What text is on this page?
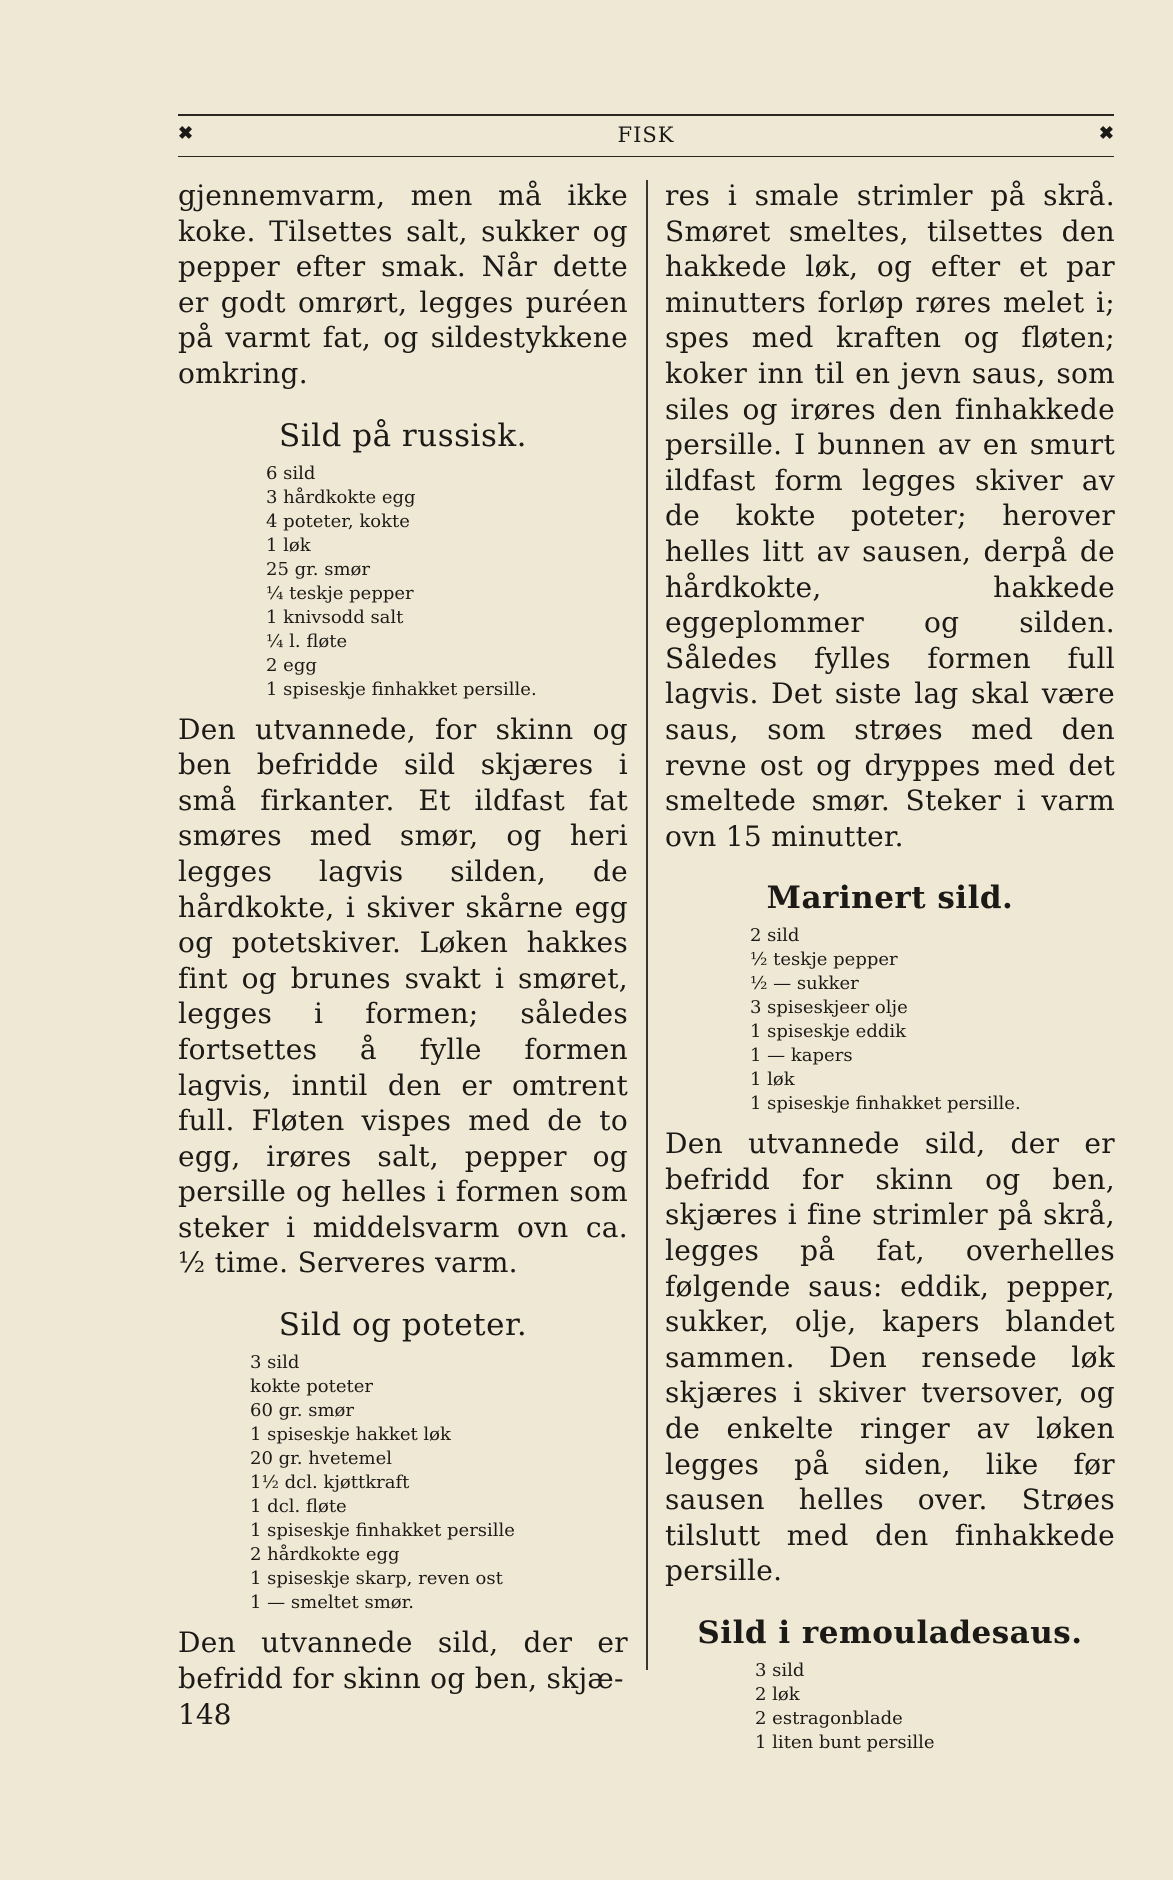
✖	FISK	✖

gjennemvarm, men må ikke koke. Tilsettes salt, sukker og pepper efter smak. Når dette er godt omrørt, legges puréen på varmt fat, og sildestykkene omkring.

Sild på russisk.
6 sild
3 hårdkokte egg
4 poteter, kokte
1 løk
25 gr. smør
¼ teskje pepper
1 knivsodd salt
¼ l. fløte
2 egg
1 spiseskje finhakket persille.

Den utvannede, for skinn og ben befridde sild skjæres i små firkanter. Et ildfast fat smøres med smør, og heri legges lagvis silden, de hårdkokte, i skiver skårne egg og potetskiver. Løken hakkes fint og brunes svakt i smøret, legges i formen; således fortsettes å fylle formen lagvis, inntil den er omtrent full. Fløten vispes med de to egg, irøres salt, pepper og persille og helles i formen som steker i middelsvarm ovn ca. ½ time. Serveres varm.

Sild og poteter.
3 sild
kokte poteter
60 gr. smør
1 spiseskje hakket løk
20 gr. hvetemel
1½ dcl. kjøttkraft
1 dcl. fløte
1 spiseskje finhakket persille
2 hårdkokte egg
1 spiseskje skarp, reven ost
1 — smeltet smør.

Den utvannede sild, der er befridd for skinn og ben, skjæ-

res i smale strimler på skrå. Smøret smeltes, tilsettes den hakkede løk, og efter et par minutters forløp røres melet i; spes med kraften og fløten; koker inn til en jevn saus, som siles og irøres den finhakkede persille. I bunnen av en smurt ildfast form legges skiver av de kokte poteter; herover helles litt av sausen, derpå de hårdkokte, hakkede eggeplommer og silden. Således fylles formen full lagvis. Det siste lag skal være saus, som strøes med den revne ost og dryppes med det smeltede smør. Steker i varm ovn 15 minutter.

Marinert sild.
2 sild
½ teskje pepper
½ — sukker
3 spiseskjeer olje
1 spiseskje eddik
1 — kapers
1 løk
1 spiseskje finhakket persille.

Den utvannede sild, der er befridd for skinn og ben, skjæres i fine strimler på skrå, legges på fat, overhelles følgende saus: eddik, pepper, sukker, olje, kapers blandet sammen. Den rensede løk skjæres i skiver tversover, og de enkelte ringer av løken legges på siden, like før sausen helles over. Strøes tilslutt med den finhakkede persille.

Sild i remouladesaus.
3 sild
2 løk
2 estragonblade
1 liten bunt persille
148
